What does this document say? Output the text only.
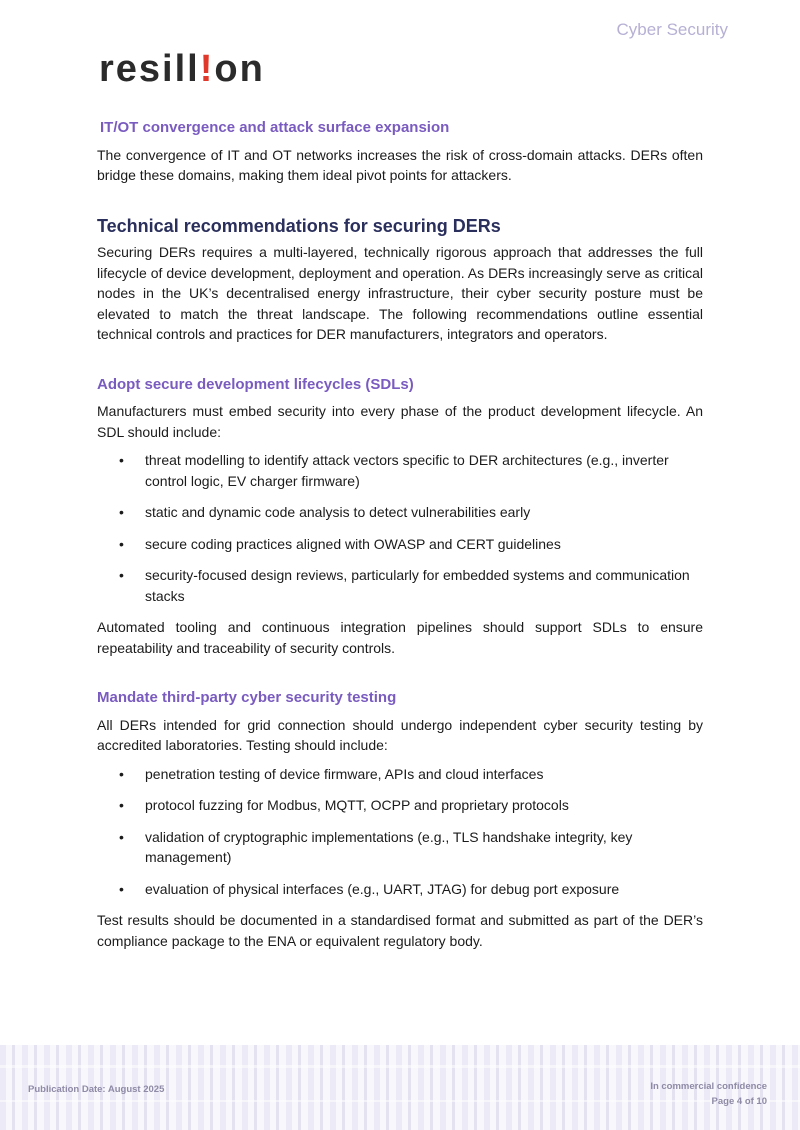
Cyber Security
resill!on
IT/OT convergence and attack surface expansion

The convergence of IT and OT networks increases the risk of cross-domain attacks. DERs often bridge these domains, making them ideal pivot points for attackers.

Technical recommendations for securing DERs

Securing DERs requires a multi-layered, technically rigorous approach that addresses the full lifecycle of device development, deployment and operation. As DERs increasingly serve as critical nodes in the UK’s decentralised energy infrastructure, their cyber security posture must be elevated to match the threat landscape. The following recommendations outline essential technical controls and practices for DER manufacturers, integrators and operators.

Adopt secure development lifecycles (SDLs)

Manufacturers must embed security into every phase of the product development lifecycle. An SDL should include:

• threat modelling to identify attack vectors specific to DER architectures (e.g., inverter control logic, EV charger firmware)
• static and dynamic code analysis to detect vulnerabilities early
• secure coding practices aligned with OWASP and CERT guidelines
• security-focused design reviews, particularly for embedded systems and communication stacks

Automated tooling and continuous integration pipelines should support SDLs to ensure repeatability and traceability of security controls.

Mandate third-party cyber security testing

All DERs intended for grid connection should undergo independent cyber security testing by accredited laboratories. Testing should include:

• penetration testing of device firmware, APIs and cloud interfaces
• protocol fuzzing for Modbus, MQTT, OCPP and proprietary protocols
• validation of cryptographic implementations (e.g., TLS handshake integrity, key management)
• evaluation of physical interfaces (e.g., UART, JTAG) for debug port exposure

Test results should be documented in a standardised format and submitted as part of the DER’s compliance package to the ENA or equivalent regulatory body.

Publication Date: August 2025	In commercial confidence
Page 4 of 10
